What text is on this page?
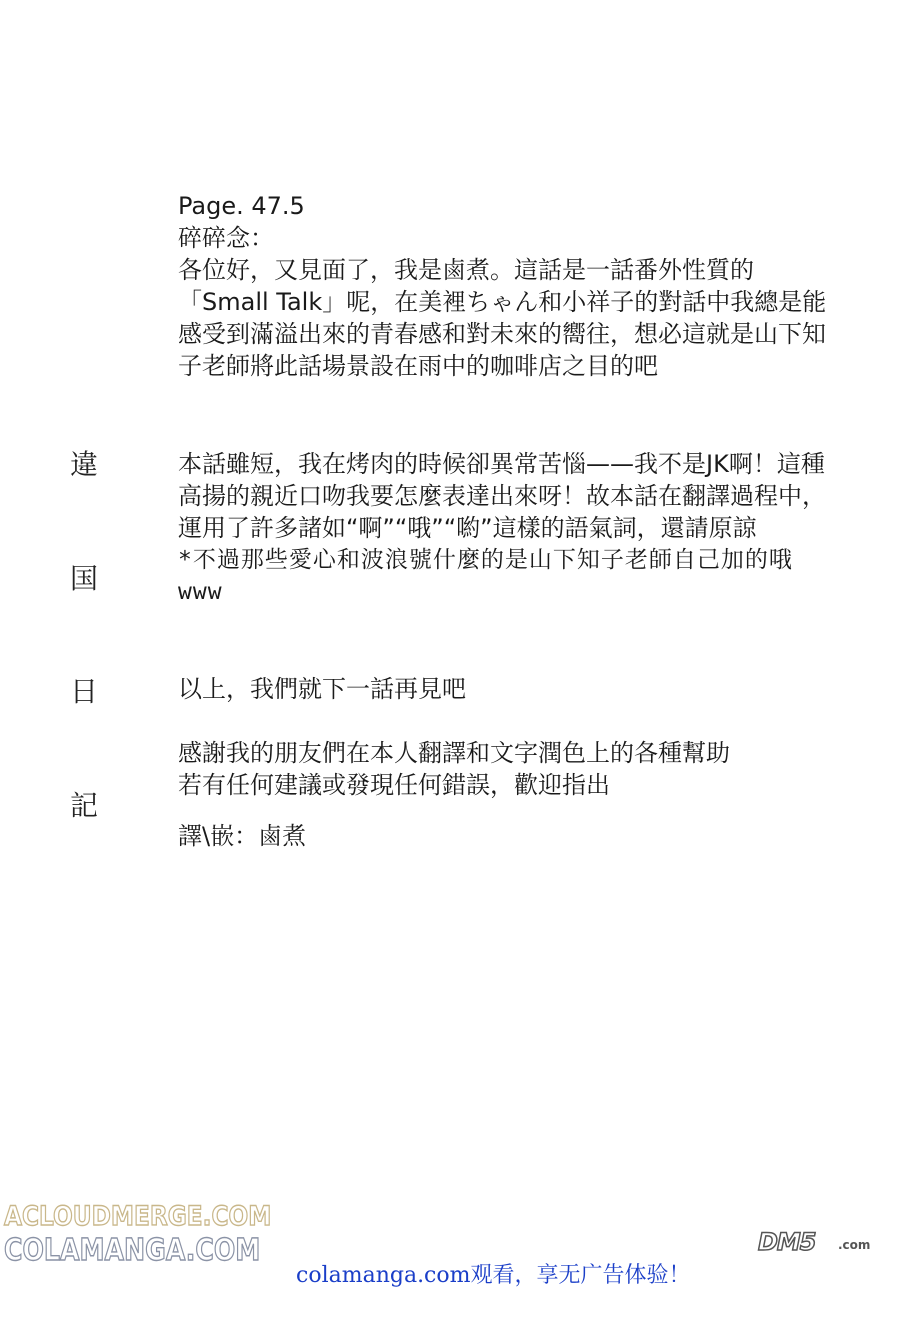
違
国
日
記

Page. 47.5

碎碎念：

各位好，又見面了，我是鹵煮。這話是一話番外性質的「Small Talk」呢，在美裡ちゃん和小祥子的對話中我總是能感受到滿溢出來的青春感和對未來的嚮往，想必這就是山下知子老師將此話場景設在雨中的咖啡店之目的吧

本話雖短，我在烤肉的時候卻異常苦惱——我不是JK啊！這種高揚的親近口吻我要怎麼表達出來呀！故本話在翻譯過程中，運用了許多諸如“啊”“哦”“喲”這樣的語氣詞，還請原諒

*不過那些愛心和波浪號什麼的是山下知子老師自己加的哦www

以上，我們就下一話再見吧

感謝我的朋友們在本人翻譯和文字潤色上的各種幫助

若有任何建議或發現任何錯誤，歡迎指出

譯\嵌：鹵煮

ACLOUDMERGE.COM
COLAMANGA.COM
colamanga.com观看，享无广告体验！
DM5 .com
